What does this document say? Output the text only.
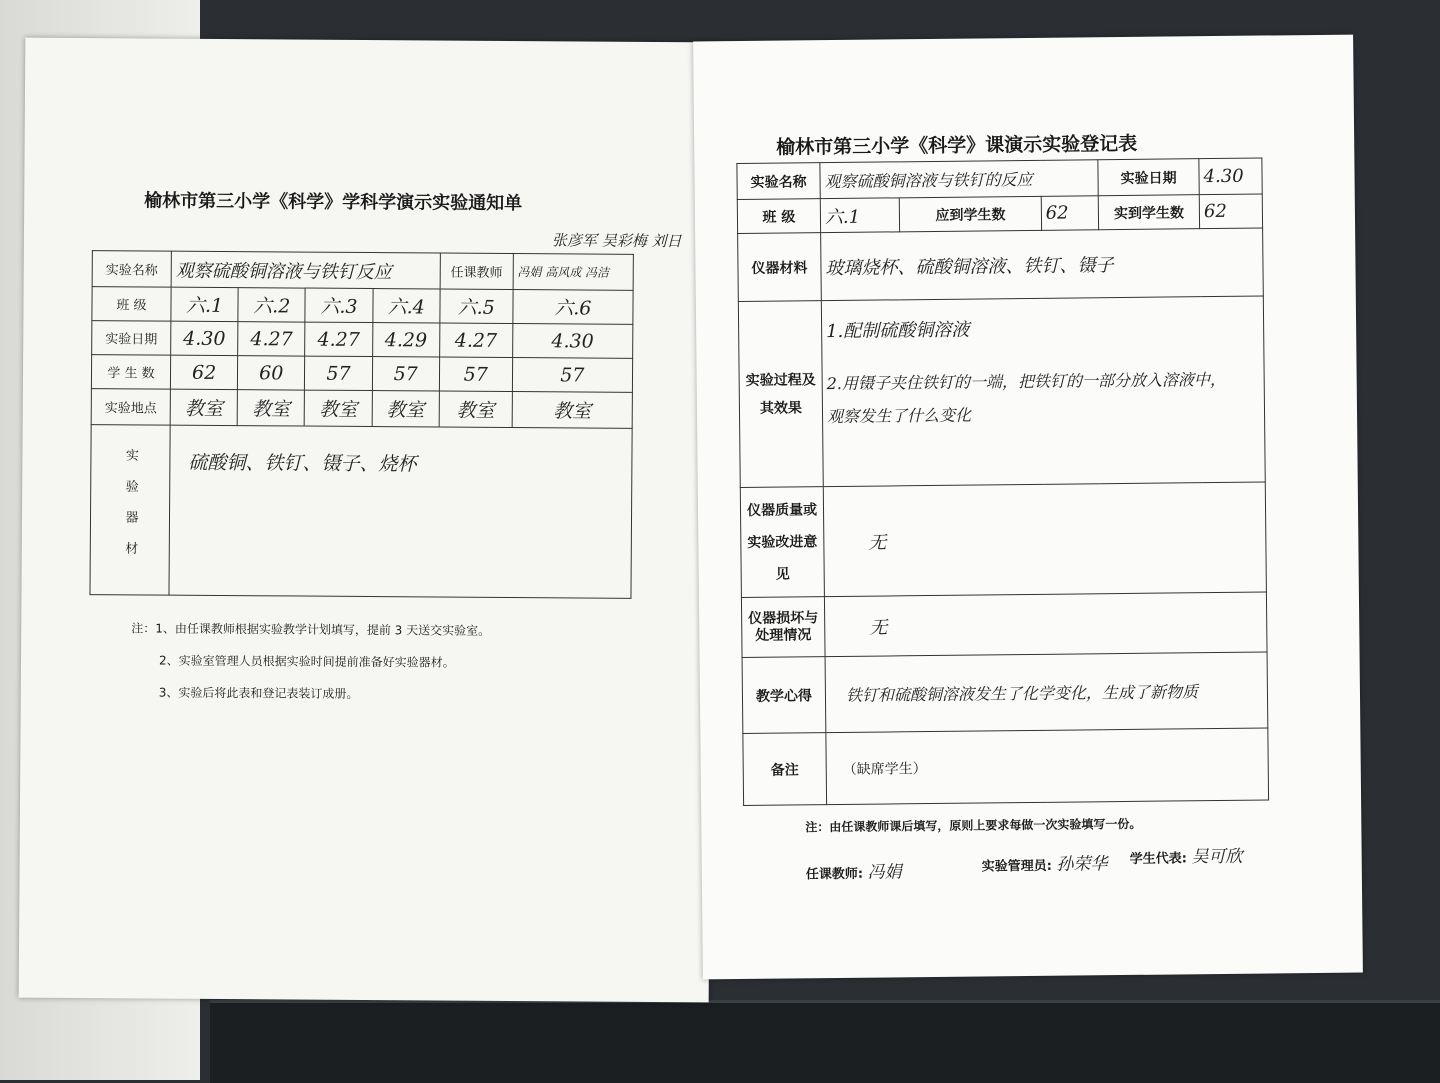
榆林市第三小学《科学》学科学演示实验通知单
张彦军 吴彩梅 刘日
实验名称	观察硫酸铜溶液与铁钉反应				任课教师	冯娟 高风成 冯洁
班 级	六.1	六.2	六.3	六.4	六.5	六.6
实验日期	4.30	4.27	4.27	4.29	4.27	4.30
学 生 数	62	60	57	57	57	57
实验地点	教室	教室	教室	教室	教室	教室
实验器材	硫酸铜、铁钉、镊子、烧杯					
注：1、由任课教师根据实验教学计划填写，提前 3 天送交实验室。
2、实验室管理人员根据实验时间提前准备好实验器材。
3、实验后将此表和登记表装订成册。
榆林市第三小学《科学》课演示实验登记表
实验名称	观察硫酸铜溶液与铁钉的反应			实验日期	4.30
班 级	六.1	应到学生数	62	实到学生数	62
仪器材料	玻璃烧杯、硫酸铜溶液、铁钉、镊子				
实验过程及其效果	1.配制硫酸铜溶液
2.用镊子夹住铁钉的一端，把铁钉的一部分放入溶液中，
观察发生了什么变化				

仪器质量或实验改进意见	无				
仪器损坏与处理情况	无				
教学心得	铁钉和硫酸铜溶液发生了化学变化，生成了新物质				
备注	（缺席学生）				
注：由任课教师课后填写，原则上要求每做一次实验填写一份。
任课教师: 冯娟	实验管理员: 孙荣华 学生代表: 吴可欣
